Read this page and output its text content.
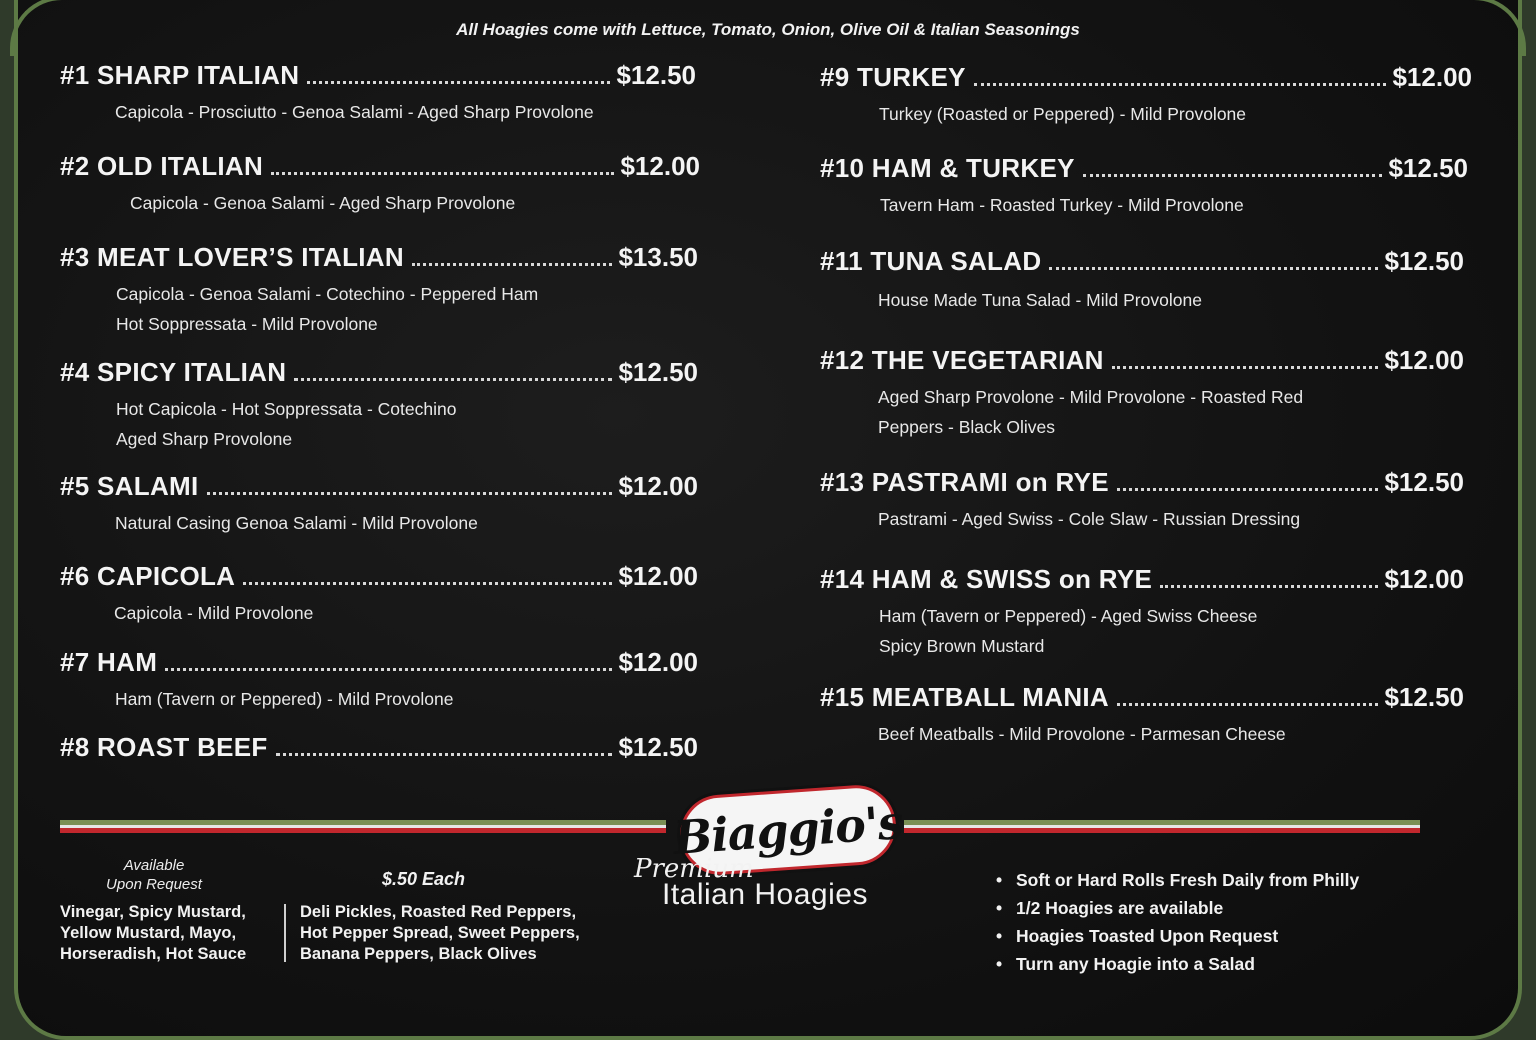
All Hoagies come with Lettuce, Tomato, Onion, Olive Oil & Italian Seasonings
#1 SHARP ITALIAN	$12.50
Capicola - Prosciutto - Genoa Salami - Aged Sharp Provolone
#2 OLD ITALIAN	$12.00
Capicola - Genoa Salami - Aged Sharp Provolone
#3 MEAT LOVER’S ITALIAN	$13.50
Capicola - Genoa Salami - Cotechino - Peppered Ham
Hot Soppressata - Mild Provolone
#4 SPICY ITALIAN	$12.50
Hot Capicola - Hot Soppressata - Cotechino
Aged Sharp Provolone
#5 SALAMI	$12.00
Natural Casing Genoa Salami - Mild Provolone
#6 CAPICOLA	$12.00
Capicola - Mild Provolone
#7 HAM	$12.00
Ham (Tavern or Peppered) - Mild Provolone
#8 ROAST BEEF	$12.50
#9 TURKEY	$12.00
Turkey (Roasted or Peppered) - Mild Provolone
#10 HAM & TURKEY	$12.50
Tavern Ham - Roasted Turkey - Mild Provolone
#11 TUNA SALAD	$12.50
House Made Tuna Salad - Mild Provolone
#12 THE VEGETARIAN	$12.00
Aged Sharp Provolone - Mild Provolone - Roasted Red
Peppers - Black Olives
#13 PASTRAMI on RYE	$12.50
Pastrami - Aged Swiss - Cole Slaw - Russian Dressing
#14 HAM & SWISS on RYE	$12.00
Ham (Tavern or Peppered) - Aged Swiss Cheese
Spicy Brown Mustard
#15 MEATBALL MANIA	$12.50
Beef Meatballs - Mild Provolone - Parmesan Cheese
Biaggio's
Premium
Italian Hoagies
Available
Upon Request
Vinegar, Spicy Mustard,
Yellow Mustard, Mayo,
Horseradish, Hot Sauce
$.50 Each
Deli Pickles, Roasted Red Peppers,
Hot Pepper Spread, Sweet Peppers,
Banana Peppers, Black Olives
• Soft or Hard Rolls Fresh Daily from Philly
• 1/2 Hoagies are available
• Hoagies Toasted Upon Request
• Turn any Hoagie into a Salad
